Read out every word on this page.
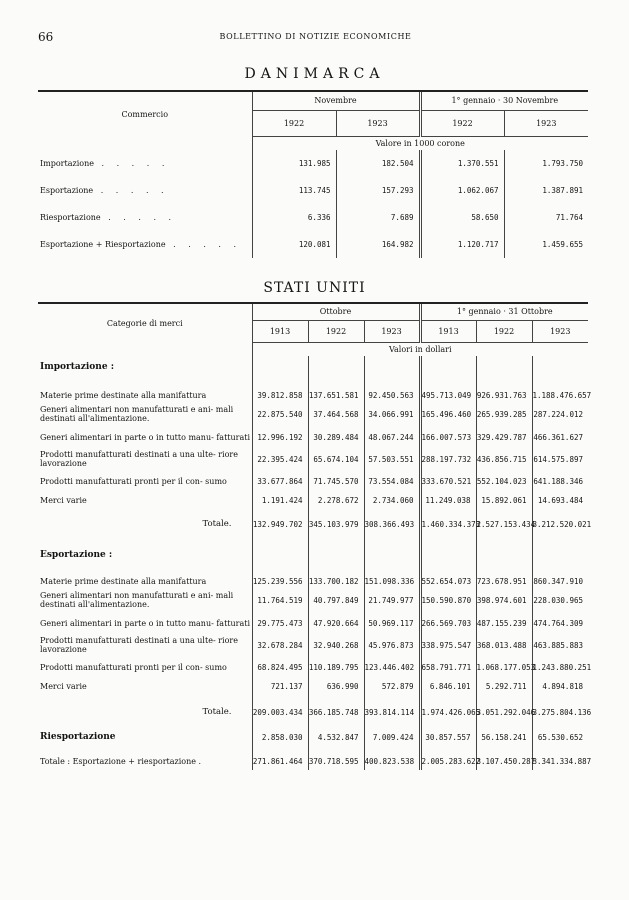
66	BOLLETTINO DI NOTIZIE ECONOMICHE
DANIMARCA

Commercio	Novembre		1° gennaio · 30 Novembre	
	1922	1923	1922	1923
	Valore in 1000 corone			
Importazione . . . . .	131.985	182.504	1.370.551	1.793.750
Esportazione . . . . .	113.745	157.293	1.062.067	1.387.891
Riesportazione . . . . .	6.336	7.689	58.650	71.764
Esportazione + Riesportazione . . . . .	120.081	164.982	1.120.717	1.459.655
STATI UNITI

Categorie di merci	Ottobre			1° gennaio · 31 Ottobre		
	1913	1922	1923	1913	1922	1923
	Valori in dollari					

Importazione :						

Materie prime destinate alla manifattura	39.812.858	137.651.581	92.450.563	495.713.049	926.931.763	1.188.476.657
Generi alimentari non manufatturati e ani- mali destinati all'alimentazione.	22.875.540	37.464.568	34.066.991	165.496.460	265.939.285	287.224.012
Generi alimentari in parte o in tutto manu- fatturati	12.996.192	30.289.484	48.067.244	166.007.573	329.429.787	466.361.627
Prodotti manufatturati destinati a una ulte- riore lavorazione	22.395.424	65.674.104	57.503.551	288.197.732	436.856.715	614.575.897
Prodotti manufatturati pronti per il con- sumo	33.677.864	71.745.570	73.554.084	333.670.521	552.104.023	641.188.346
Merci varie	1.191.424	2.278.672	2.734.060	11.249.038	15.892.061	14.693.484

Totale.	132.949.702	345.103.979	308.366.493	1.460.334.373	2.527.153.434	3.212.520.021

Esportazione :						

Materie prime destinate alla manifattura	125.239.556	133.700.182	151.098.336	552.654.073	723.678.951	860.347.910
Generi alimentari non manufatturati e ani- mali destinati all'alimentazione.	11.764.519	40.797.849	21.749.977	150.590.870	398.974.601	228.030.965
Generi alimentari in parte o in tutto manu- fatturati	29.775.473	47.920.664	50.969.117	266.569.703	487.155.239	474.764.309
Prodotti manufatturati destinati a una ulte- riore lavorazione	32.678.284	32.940.268	45.976.873	338.975.547	368.013.488	463.885.883
Prodotti manufatturati pronti per il con- sumo	68.824.495	110.189.795	123.446.402	658.791.771	1.068.177.053	1.243.880.251
Merci varie	721.137	636.990	572.879	6.846.101	5.292.711	4.894.818

Totale.	209.003.434	366.185.748	393.814.114	1.974.426.065	3.051.292.046	3.275.804.136

Riesportazione	2.858.030	4.532.847	7.009.424	30.857.557	56.158.241	65.530.652

Totale : Esportazione + riesportazione .	271.861.464	370.718.595	400.823.538	2.005.283.622	3.107.450.287	3.341.334.887
